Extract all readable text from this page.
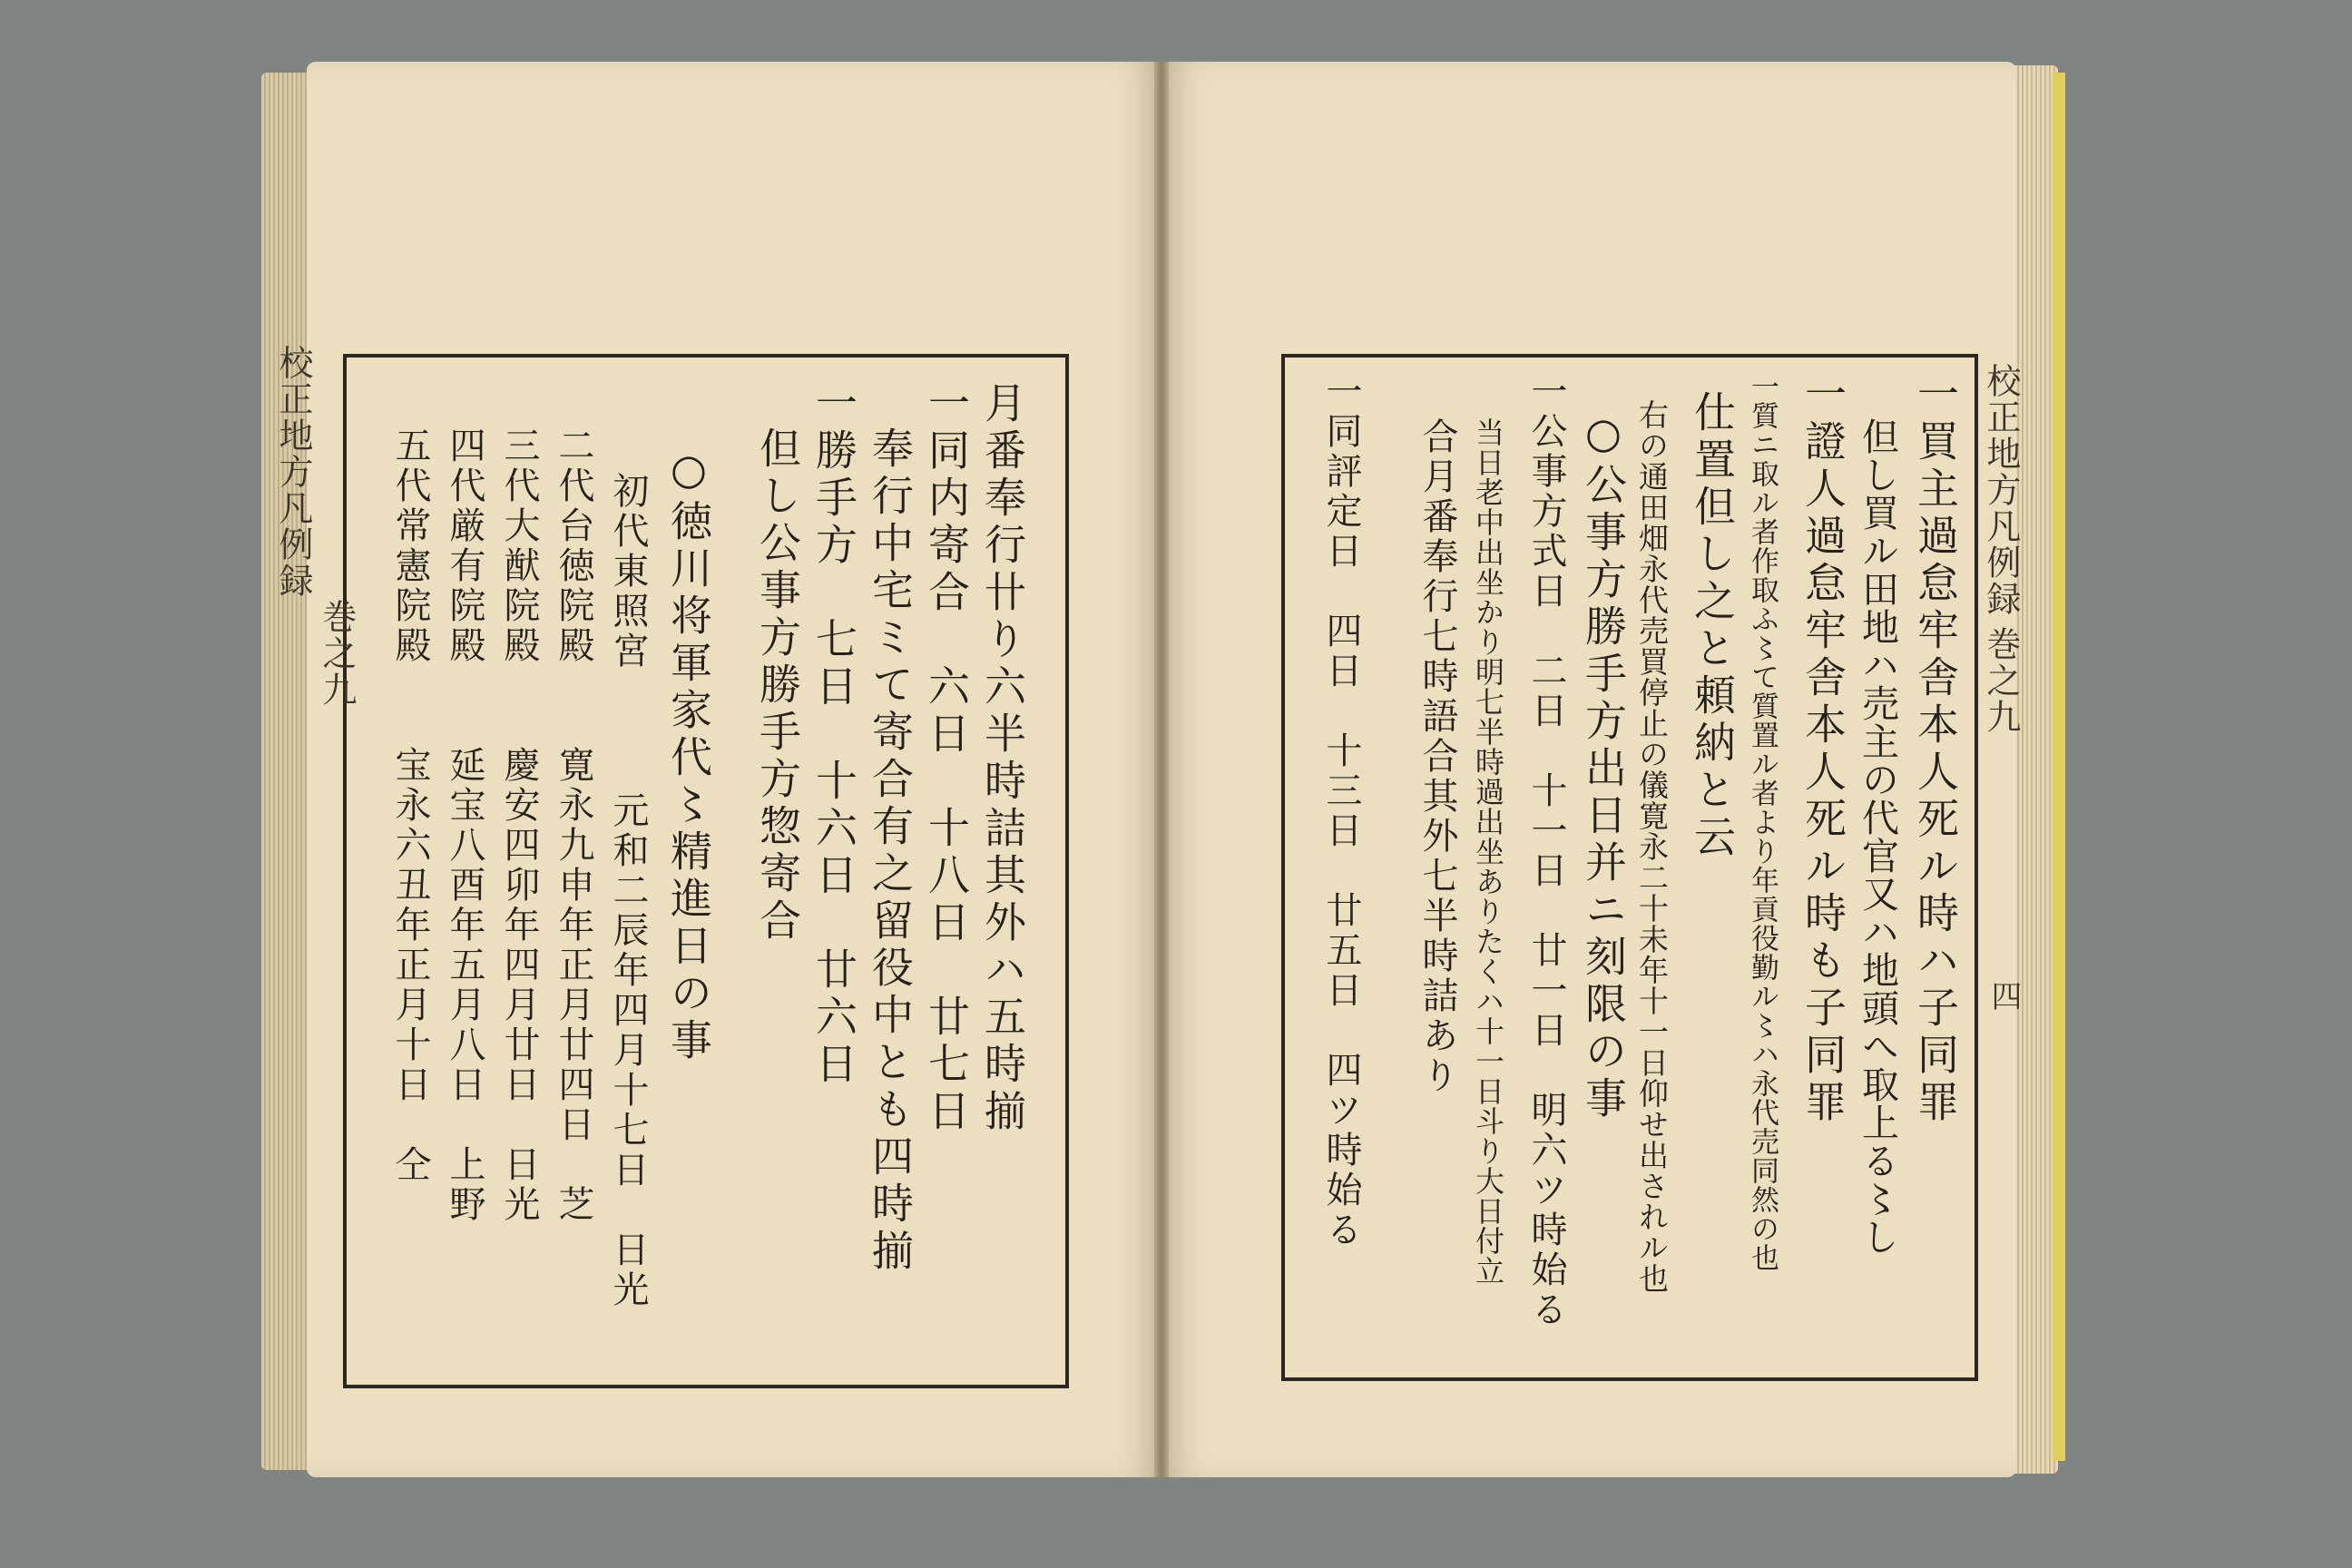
校正地方凡例録
巻之九	月番奉行卄り六半時詰其外ハ五時揃
一同内寄合　六日　十八日　廿七日
奉行中宅ミて寄合有之留役中とも四時揃
一勝手方　七日　十六日　廿六日
但し公事方勝手方惣寄合
○徳川将軍家代〻精進日の事
初代東照宮　　　元和二辰年四月十七日　日光
二代台徳院殿　　寛永九申年正月廿四日　芝
三代大猷院殿　　慶安四卯年四月廿日　日光
四代厳有院殿　　延宝八酉年五月八日　上野
五代常憲院殿　　宝永六丑年正月十日　仝	校正地方凡例録
巻之九
四
一買主過怠牢舎本人死ル時ハ子同罪
但し買ル田地ハ売主の代官又ハ地頭へ取上る〻し
一證人過怠牢舎本人死ル時も子同罪
一質ニ取ル者作取ふ〻て質置ル者より年貢役勤ル〻ハ永代売同然の也
仕置但し之と頼納と云
右の通田畑永代売買停止の儀寛永二十未年十一日仰せ出されル也
○公事方勝手方出日并ニ刻限の事
一公事方式日　二日　十一日　廿一日　明六ツ時始る
当日老中出坐かり明七半時過出坐ありたくハ十一日斗り大日付立
合月番奉行七時語合其外七半時詰あり
一同評定日　四日　十三日　廿五日　四ツ時始る
